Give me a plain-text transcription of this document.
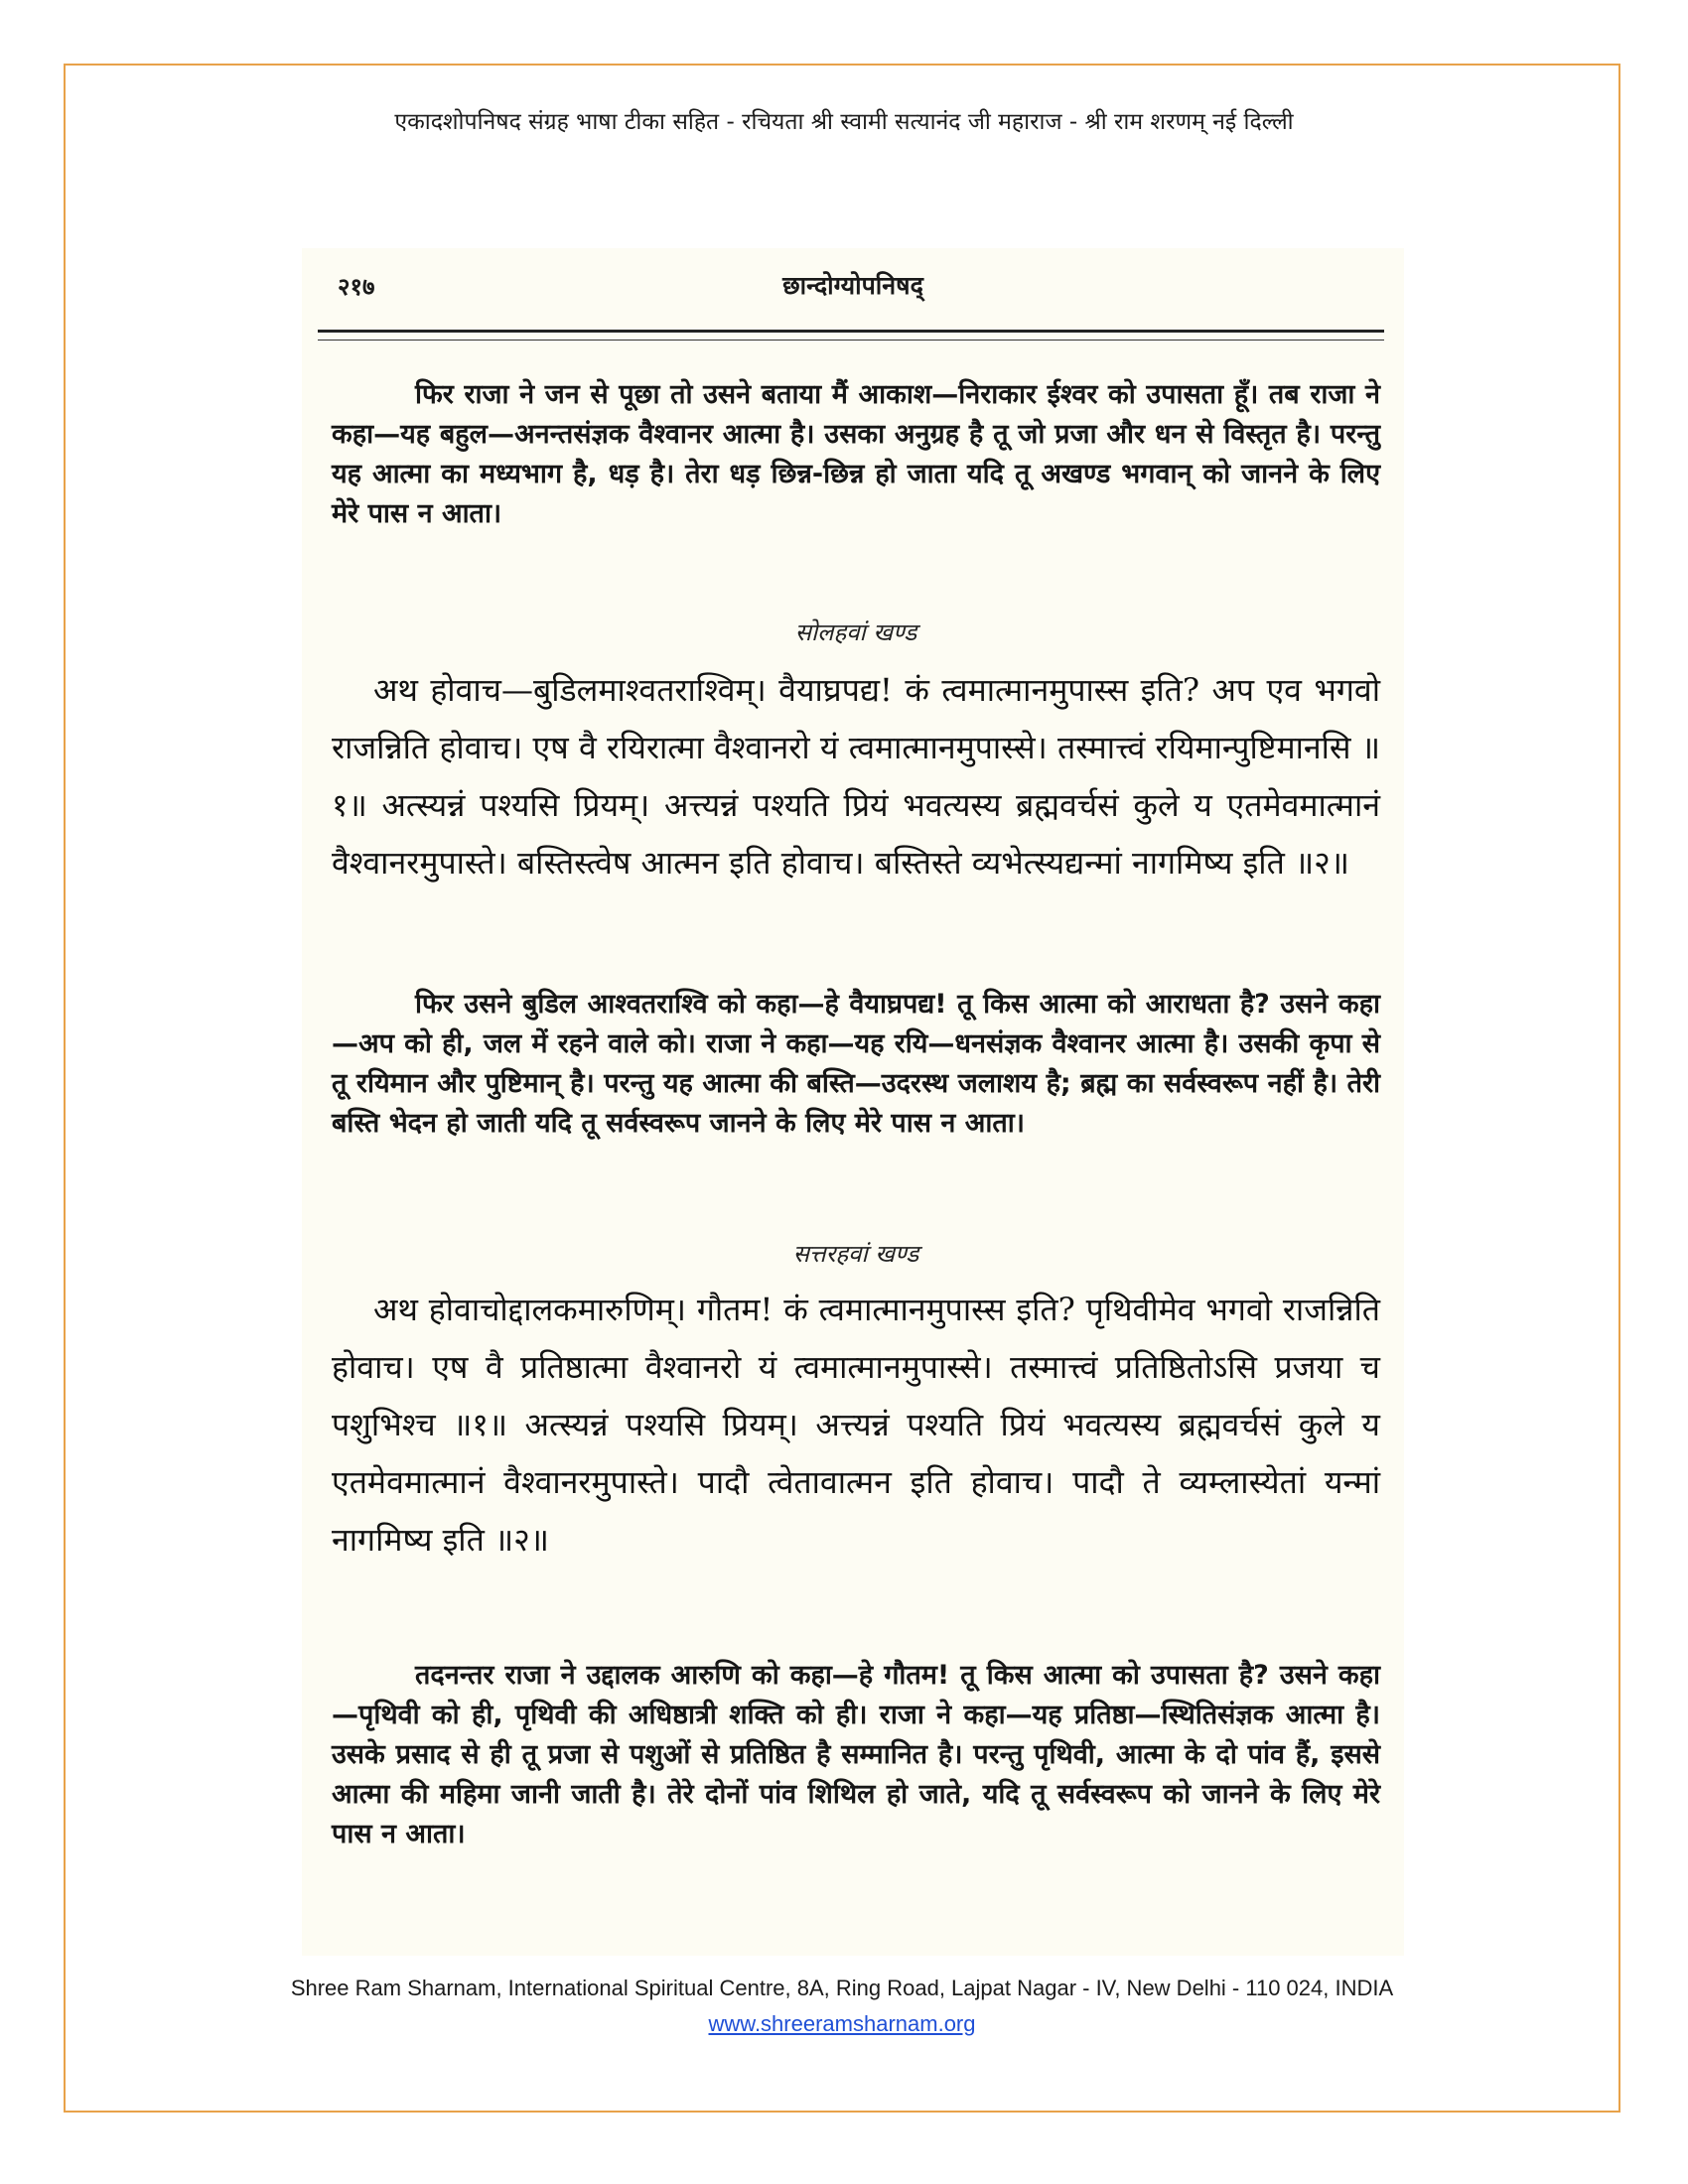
एकादशोपनिषद संग्रह भाषा टीका सहित - रचियता श्री स्वामी सत्यानंद जी महाराज - श्री राम शरणम् नई दिल्ली
२१७	छान्दोग्योपनिषद्

फिर राजा ने जन से पूछा तो उसने बताया मैं आकाश—निराकार ईश्वर को उपासता हूँ। तब राजा ने कहा—यह बहुल—अनन्तसंज्ञक वैश्वानर आत्मा है। उसका अनुग्रह है तू जो प्रजा और धन से विस्तृत है। परन्तु यह आत्मा का मध्यभाग है, धड़ है। तेरा धड़ छिन्न-छिन्न हो जाता यदि तू अखण्ड भगवान् को जानने के लिए मेरे पास न आता।

सोलहवां खण्ड

अथ होवाच—बुडिलमाश्वतराश्विम्। वैयाघ्रपद्य! कं त्वमात्मानमुपास्स इति? अप एव भगवो राजन्निति होवाच। एष वै रयिरात्मा वैश्वानरो यं त्वमात्मानमुपास्से। तस्मात्त्वं रयिमान्पुष्टिमानसि ॥१॥ अत्स्यन्नं पश्यसि प्रियम्। अत्त्यन्नं पश्यति प्रियं भवत्यस्य ब्रह्मवर्चसं कुले य एतमेवमात्मानं वैश्वानरमुपास्ते। बस्तिस्त्वेष आत्मन इति होवाच। बस्तिस्ते व्यभेत्स्यद्यन्मां नागमिष्य इति ॥२॥

फिर उसने बुडिल आश्वतराश्वि को कहा—हे वैयाघ्रपद्य! तू किस आत्मा को आराधता है? उसने कहा—अप को ही, जल में रहने वाले को। राजा ने कहा—यह रयि—धनसंज्ञक वैश्वानर आत्मा है। उसकी कृपा से तू रयिमान और पुष्टिमान् है। परन्तु यह आत्मा की बस्ति—उदरस्थ जलाशय है; ब्रह्म का सर्वस्वरूप नहीं है। तेरी बस्ति भेदन हो जाती यदि तू सर्वस्वरूप जानने के लिए मेरे पास न आता।

सत्तरहवां खण्ड

अथ होवाचोद्दालकमारुणिम्। गौतम! कं त्वमात्मानमुपास्स इति? पृथिवीमेव भगवो राजन्निति होवाच। एष वै प्रतिष्ठात्मा वैश्वानरो यं त्वमात्मानमुपास्से। तस्मात्त्वं प्रतिष्ठितोऽसि प्रजया च पशुभिश्च ॥१॥ अत्स्यन्नं पश्यसि प्रियम्। अत्त्यन्नं पश्यति प्रियं भवत्यस्य ब्रह्मवर्चसं कुले य एतमेवमात्मानं वैश्वानरमुपास्ते। पादौ त्वेतावात्मन इति होवाच। पादौ ते व्यम्लास्येतां यन्मां नागमिष्य इति ॥२॥

तदनन्तर राजा ने उद्दालक आरुणि को कहा—हे गौतम! तू किस आत्मा को उपासता है? उसने कहा—पृथिवी को ही, पृथिवी की अधिष्ठात्री शक्ति को ही। राजा ने कहा—यह प्रतिष्ठा—स्थितिसंज्ञक आत्मा है। उसके प्रसाद से ही तू प्रजा से पशुओं से प्रतिष्ठित है सम्मानित है। परन्तु पृथिवी, आत्मा के दो पांव हैं, इससे आत्मा की महिमा जानी जाती है। तेरे दोनों पांव शिथिल हो जाते, यदि तू सर्वस्वरूप को जानने के लिए मेरे पास न आता।

Shree Ram Sharnam, International Spiritual Centre, 8A, Ring Road, Lajpat Nagar - IV, New Delhi - 110 024, INDIA
www.shreeramsharnam.org
